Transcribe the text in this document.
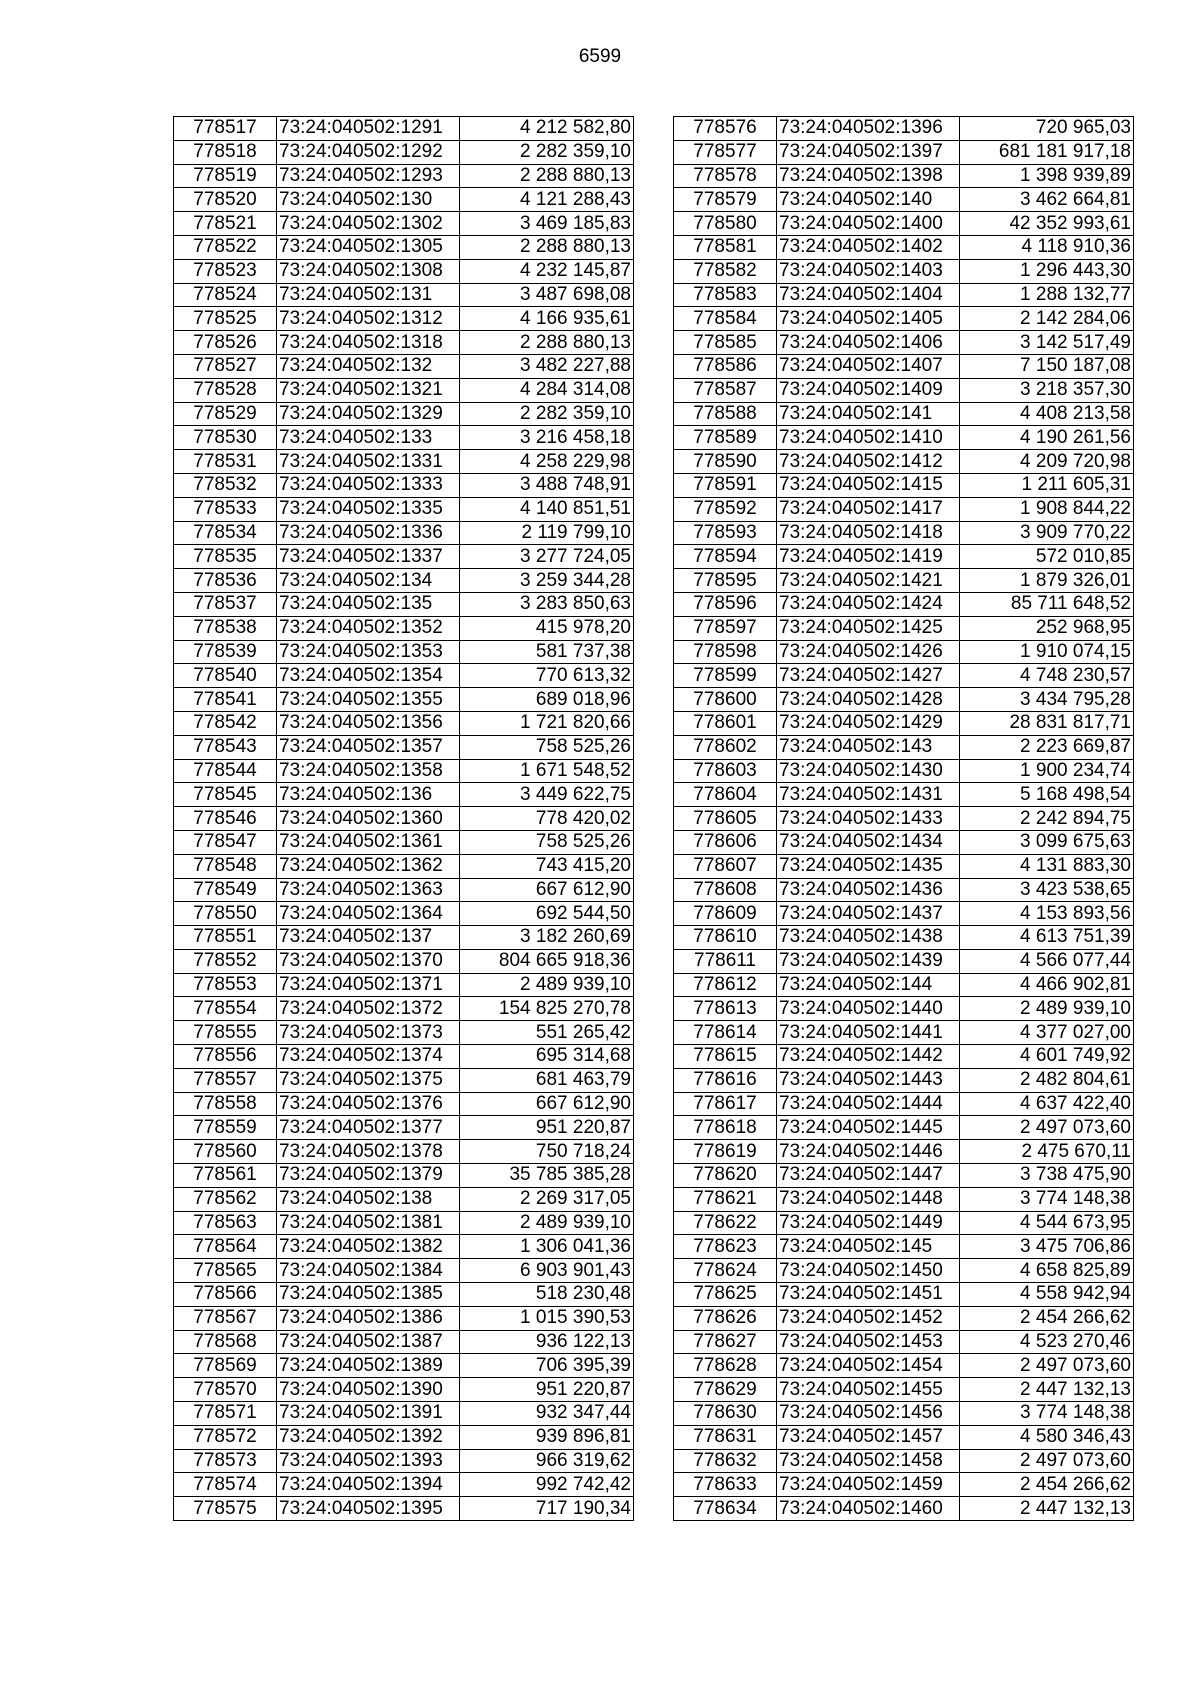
6599
778517	73:24:040502:1291	4 212 582,80
778518	73:24:040502:1292	2 282 359,10
778519	73:24:040502:1293	2 288 880,13
778520	73:24:040502:130	4 121 288,43
778521	73:24:040502:1302	3 469 185,83
778522	73:24:040502:1305	2 288 880,13
778523	73:24:040502:1308	4 232 145,87
778524	73:24:040502:131	3 487 698,08
778525	73:24:040502:1312	4 166 935,61
778526	73:24:040502:1318	2 288 880,13
778527	73:24:040502:132	3 482 227,88
778528	73:24:040502:1321	4 284 314,08
778529	73:24:040502:1329	2 282 359,10
778530	73:24:040502:133	3 216 458,18
778531	73:24:040502:1331	4 258 229,98
778532	73:24:040502:1333	3 488 748,91
778533	73:24:040502:1335	4 140 851,51
778534	73:24:040502:1336	2 119 799,10
778535	73:24:040502:1337	3 277 724,05
778536	73:24:040502:134	3 259 344,28
778537	73:24:040502:135	3 283 850,63
778538	73:24:040502:1352	415 978,20
778539	73:24:040502:1353	581 737,38
778540	73:24:040502:1354	770 613,32
778541	73:24:040502:1355	689 018,96
778542	73:24:040502:1356	1 721 820,66
778543	73:24:040502:1357	758 525,26
778544	73:24:040502:1358	1 671 548,52
778545	73:24:040502:136	3 449 622,75
778546	73:24:040502:1360	778 420,02
778547	73:24:040502:1361	758 525,26
778548	73:24:040502:1362	743 415,20
778549	73:24:040502:1363	667 612,90
778550	73:24:040502:1364	692 544,50
778551	73:24:040502:137	3 182 260,69
778552	73:24:040502:1370	804 665 918,36
778553	73:24:040502:1371	2 489 939,10
778554	73:24:040502:1372	154 825 270,78
778555	73:24:040502:1373	551 265,42
778556	73:24:040502:1374	695 314,68
778557	73:24:040502:1375	681 463,79
778558	73:24:040502:1376	667 612,90
778559	73:24:040502:1377	951 220,87
778560	73:24:040502:1378	750 718,24
778561	73:24:040502:1379	35 785 385,28
778562	73:24:040502:138	2 269 317,05
778563	73:24:040502:1381	2 489 939,10
778564	73:24:040502:1382	1 306 041,36
778565	73:24:040502:1384	6 903 901,43
778566	73:24:040502:1385	518 230,48
778567	73:24:040502:1386	1 015 390,53
778568	73:24:040502:1387	936 122,13
778569	73:24:040502:1389	706 395,39
778570	73:24:040502:1390	951 220,87
778571	73:24:040502:1391	932 347,44
778572	73:24:040502:1392	939 896,81
778573	73:24:040502:1393	966 319,62
778574	73:24:040502:1394	992 742,42
778575	73:24:040502:1395	717 190,34
778576	73:24:040502:1396	720 965,03
778577	73:24:040502:1397	681 181 917,18
778578	73:24:040502:1398	1 398 939,89
778579	73:24:040502:140	3 462 664,81
778580	73:24:040502:1400	42 352 993,61
778581	73:24:040502:1402	4 118 910,36
778582	73:24:040502:1403	1 296 443,30
778583	73:24:040502:1404	1 288 132,77
778584	73:24:040502:1405	2 142 284,06
778585	73:24:040502:1406	3 142 517,49
778586	73:24:040502:1407	7 150 187,08
778587	73:24:040502:1409	3 218 357,30
778588	73:24:040502:141	4 408 213,58
778589	73:24:040502:1410	4 190 261,56
778590	73:24:040502:1412	4 209 720,98
778591	73:24:040502:1415	1 211 605,31
778592	73:24:040502:1417	1 908 844,22
778593	73:24:040502:1418	3 909 770,22
778594	73:24:040502:1419	572 010,85
778595	73:24:040502:1421	1 879 326,01
778596	73:24:040502:1424	85 711 648,52
778597	73:24:040502:1425	252 968,95
778598	73:24:040502:1426	1 910 074,15
778599	73:24:040502:1427	4 748 230,57
778600	73:24:040502:1428	3 434 795,28
778601	73:24:040502:1429	28 831 817,71
778602	73:24:040502:143	2 223 669,87
778603	73:24:040502:1430	1 900 234,74
778604	73:24:040502:1431	5 168 498,54
778605	73:24:040502:1433	2 242 894,75
778606	73:24:040502:1434	3 099 675,63
778607	73:24:040502:1435	4 131 883,30
778608	73:24:040502:1436	3 423 538,65
778609	73:24:040502:1437	4 153 893,56
778610	73:24:040502:1438	4 613 751,39
778611	73:24:040502:1439	4 566 077,44
778612	73:24:040502:144	4 466 902,81
778613	73:24:040502:1440	2 489 939,10
778614	73:24:040502:1441	4 377 027,00
778615	73:24:040502:1442	4 601 749,92
778616	73:24:040502:1443	2 482 804,61
778617	73:24:040502:1444	4 637 422,40
778618	73:24:040502:1445	2 497 073,60
778619	73:24:040502:1446	2 475 670,11
778620	73:24:040502:1447	3 738 475,90
778621	73:24:040502:1448	3 774 148,38
778622	73:24:040502:1449	4 544 673,95
778623	73:24:040502:145	3 475 706,86
778624	73:24:040502:1450	4 658 825,89
778625	73:24:040502:1451	4 558 942,94
778626	73:24:040502:1452	2 454 266,62
778627	73:24:040502:1453	4 523 270,46
778628	73:24:040502:1454	2 497 073,60
778629	73:24:040502:1455	2 447 132,13
778630	73:24:040502:1456	3 774 148,38
778631	73:24:040502:1457	4 580 346,43
778632	73:24:040502:1458	2 497 073,60
778633	73:24:040502:1459	2 454 266,62
778634	73:24:040502:1460	2 447 132,13
